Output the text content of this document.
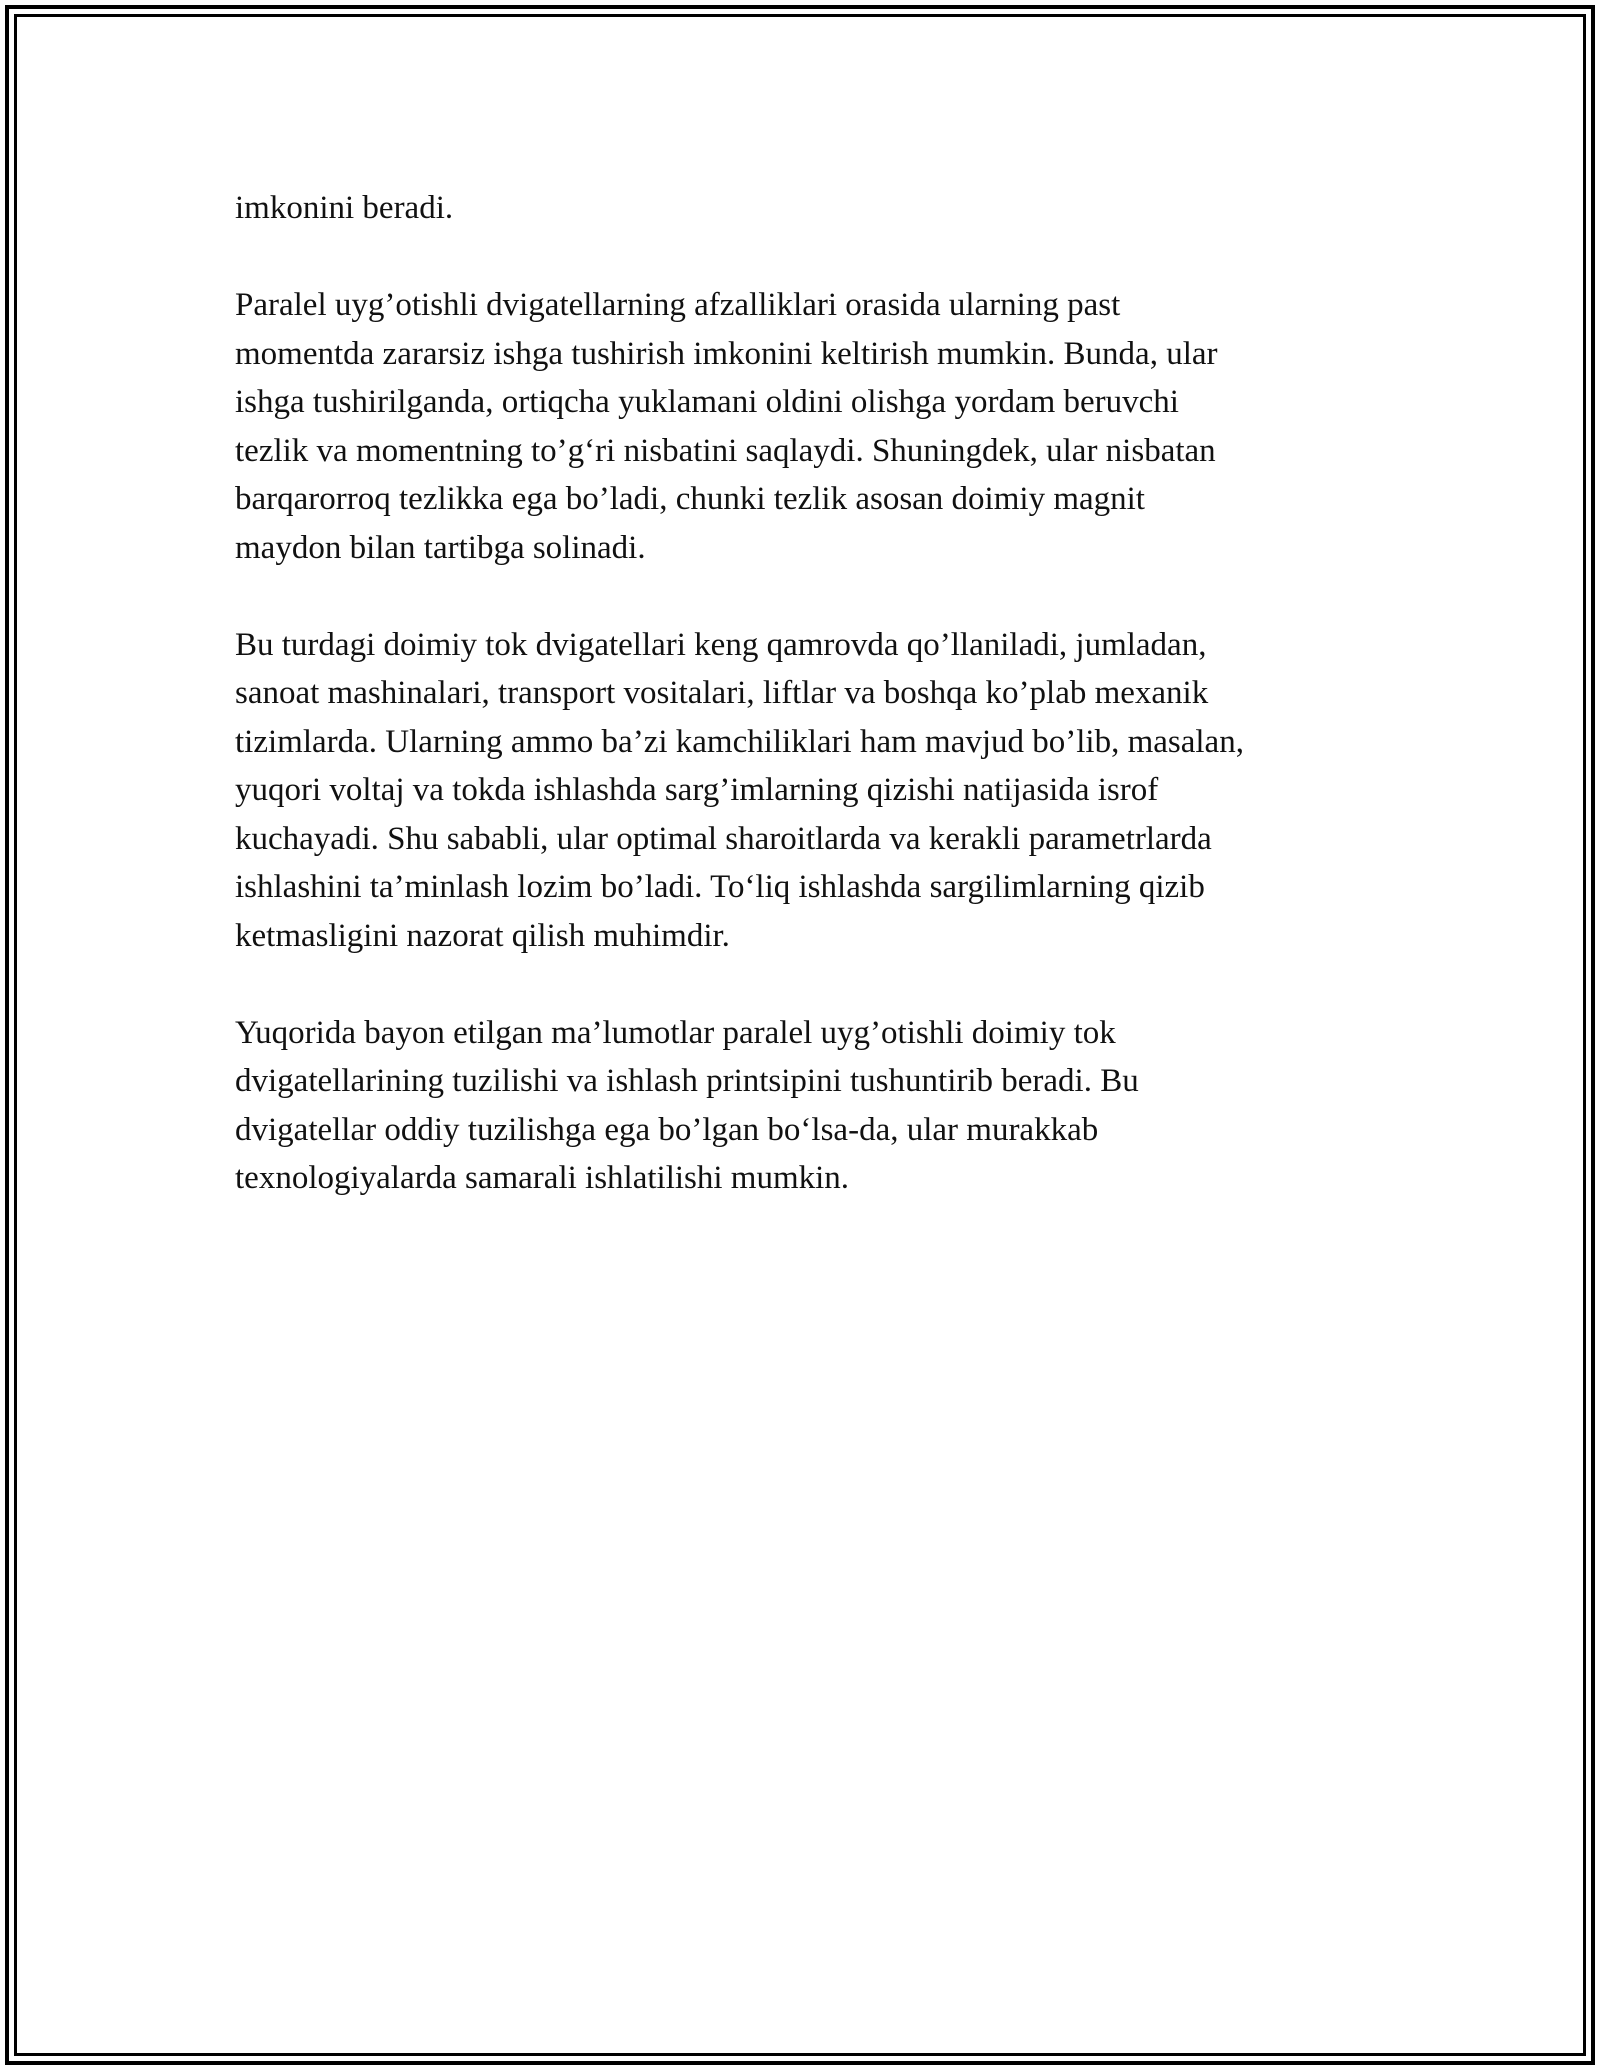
imkonini beradi.

Paralel uyg’otishli dvigatellarning afzalliklari orasida ularning past
momentda zararsiz ishga tushirish imkonini keltirish mumkin. Bunda, ular
ishga tushirilganda, ortiqcha yuklamani oldini olishga yordam beruvchi
tezlik va momentning to’g‘ri nisbatini saqlaydi. Shuningdek, ular nisbatan
barqarorroq tezlikka ega bo’ladi, chunki tezlik asosan doimiy magnit
maydon bilan tartibga solinadi.

Bu turdagi doimiy tok dvigatellari keng qamrovda qo’llaniladi, jumladan,
sanoat mashinalari, transport vositalari, liftlar va boshqa ko’plab mexanik
tizimlarda. Ularning ammo ba’zi kamchiliklari ham mavjud bo’lib, masalan,
yuqori voltaj va tokda ishlashda sarg’imlarning qizishi natijasida isrof
kuchayadi. Shu sababli, ular optimal sharoitlarda va kerakli parametrlarda
ishlashini ta’minlash lozim bo’ladi. To‘liq ishlashda sargilimlarning qizib
ketmasligini nazorat qilish muhimdir.

Yuqorida bayon etilgan ma’lumotlar paralel uyg’otishli doimiy tok
dvigatellarining tuzilishi va ishlash printsipini tushuntirib beradi. Bu
dvigatellar oddiy tuzilishga ega bo’lgan bo‘lsa-da, ular murakkab
texnologiyalarda samarali ishlatilishi mumkin.
